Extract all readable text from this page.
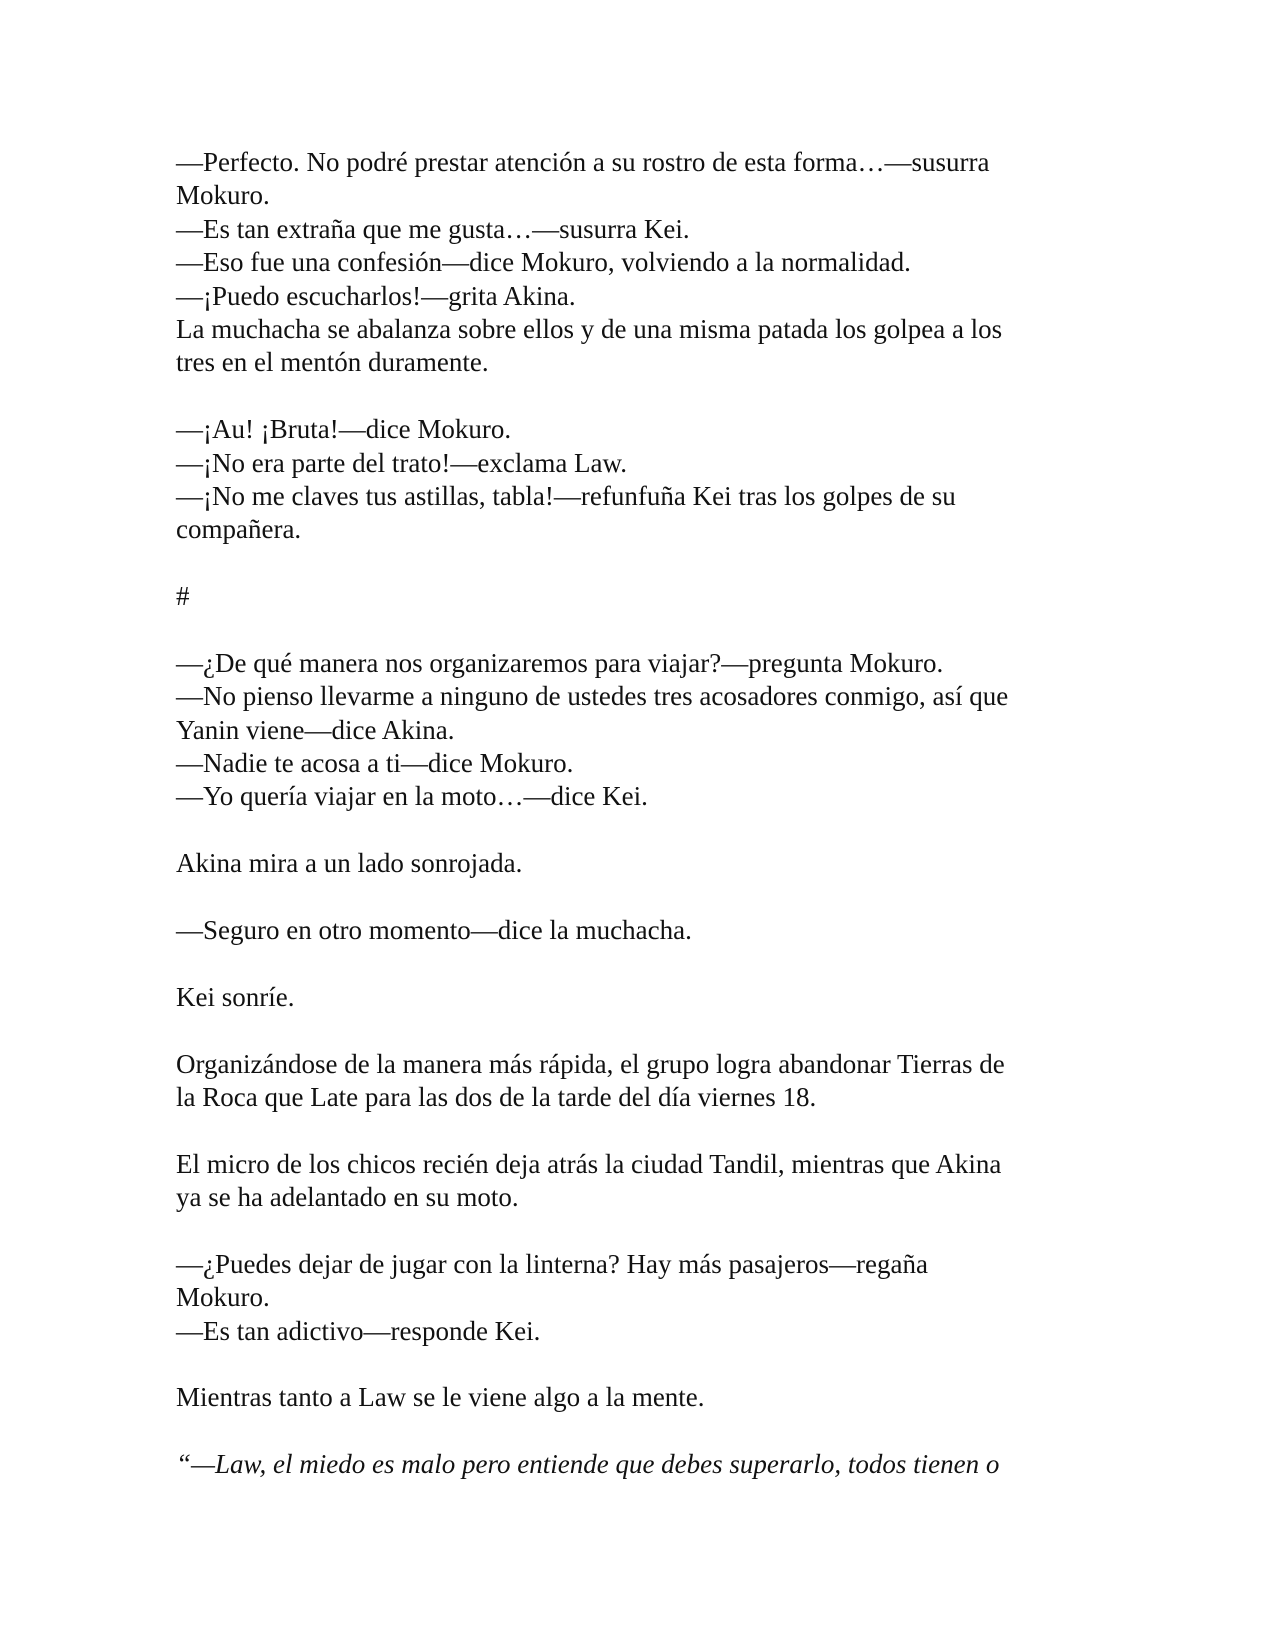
—Perfecto. No podré prestar atención a su rostro de esta forma…—susurra
Mokuro.
—Es tan extraña que me gusta…—susurra Kei.
—Eso fue una confesión—dice Mokuro, volviendo a la normalidad.
—¡Puedo escucharlos!—grita Akina.
La muchacha se abalanza sobre ellos y de una misma patada los golpea a los
tres en el mentón duramente.
—¡Au! ¡Bruta!—dice Mokuro.
—¡No era parte del trato!—exclama Law.
—¡No me claves tus astillas, tabla!—refunfuña Kei tras los golpes de su
compañera.
#
—¿De qué manera nos organizaremos para viajar?—pregunta Mokuro.
—No pienso llevarme a ninguno de ustedes tres acosadores conmigo, así que
Yanin viene—dice Akina.
—Nadie te acosa a ti—dice Mokuro.
—Yo quería viajar en la moto…—dice Kei.
Akina mira a un lado sonrojada.
—Seguro en otro momento—dice la muchacha.
Kei sonríe.
Organizándose de la manera más rápida, el grupo logra abandonar Tierras de
la Roca que Late para las dos de la tarde del día viernes 18.
El micro de los chicos recién deja atrás la ciudad Tandil, mientras que Akina
ya se ha adelantado en su moto.
—¿Puedes dejar de jugar con la linterna? Hay más pasajeros—regaña
Mokuro.
—Es tan adictivo—responde Kei.
Mientras tanto a Law se le viene algo a la mente.
“—Law, el miedo es malo pero entiende que debes superarlo, todos tienen o
